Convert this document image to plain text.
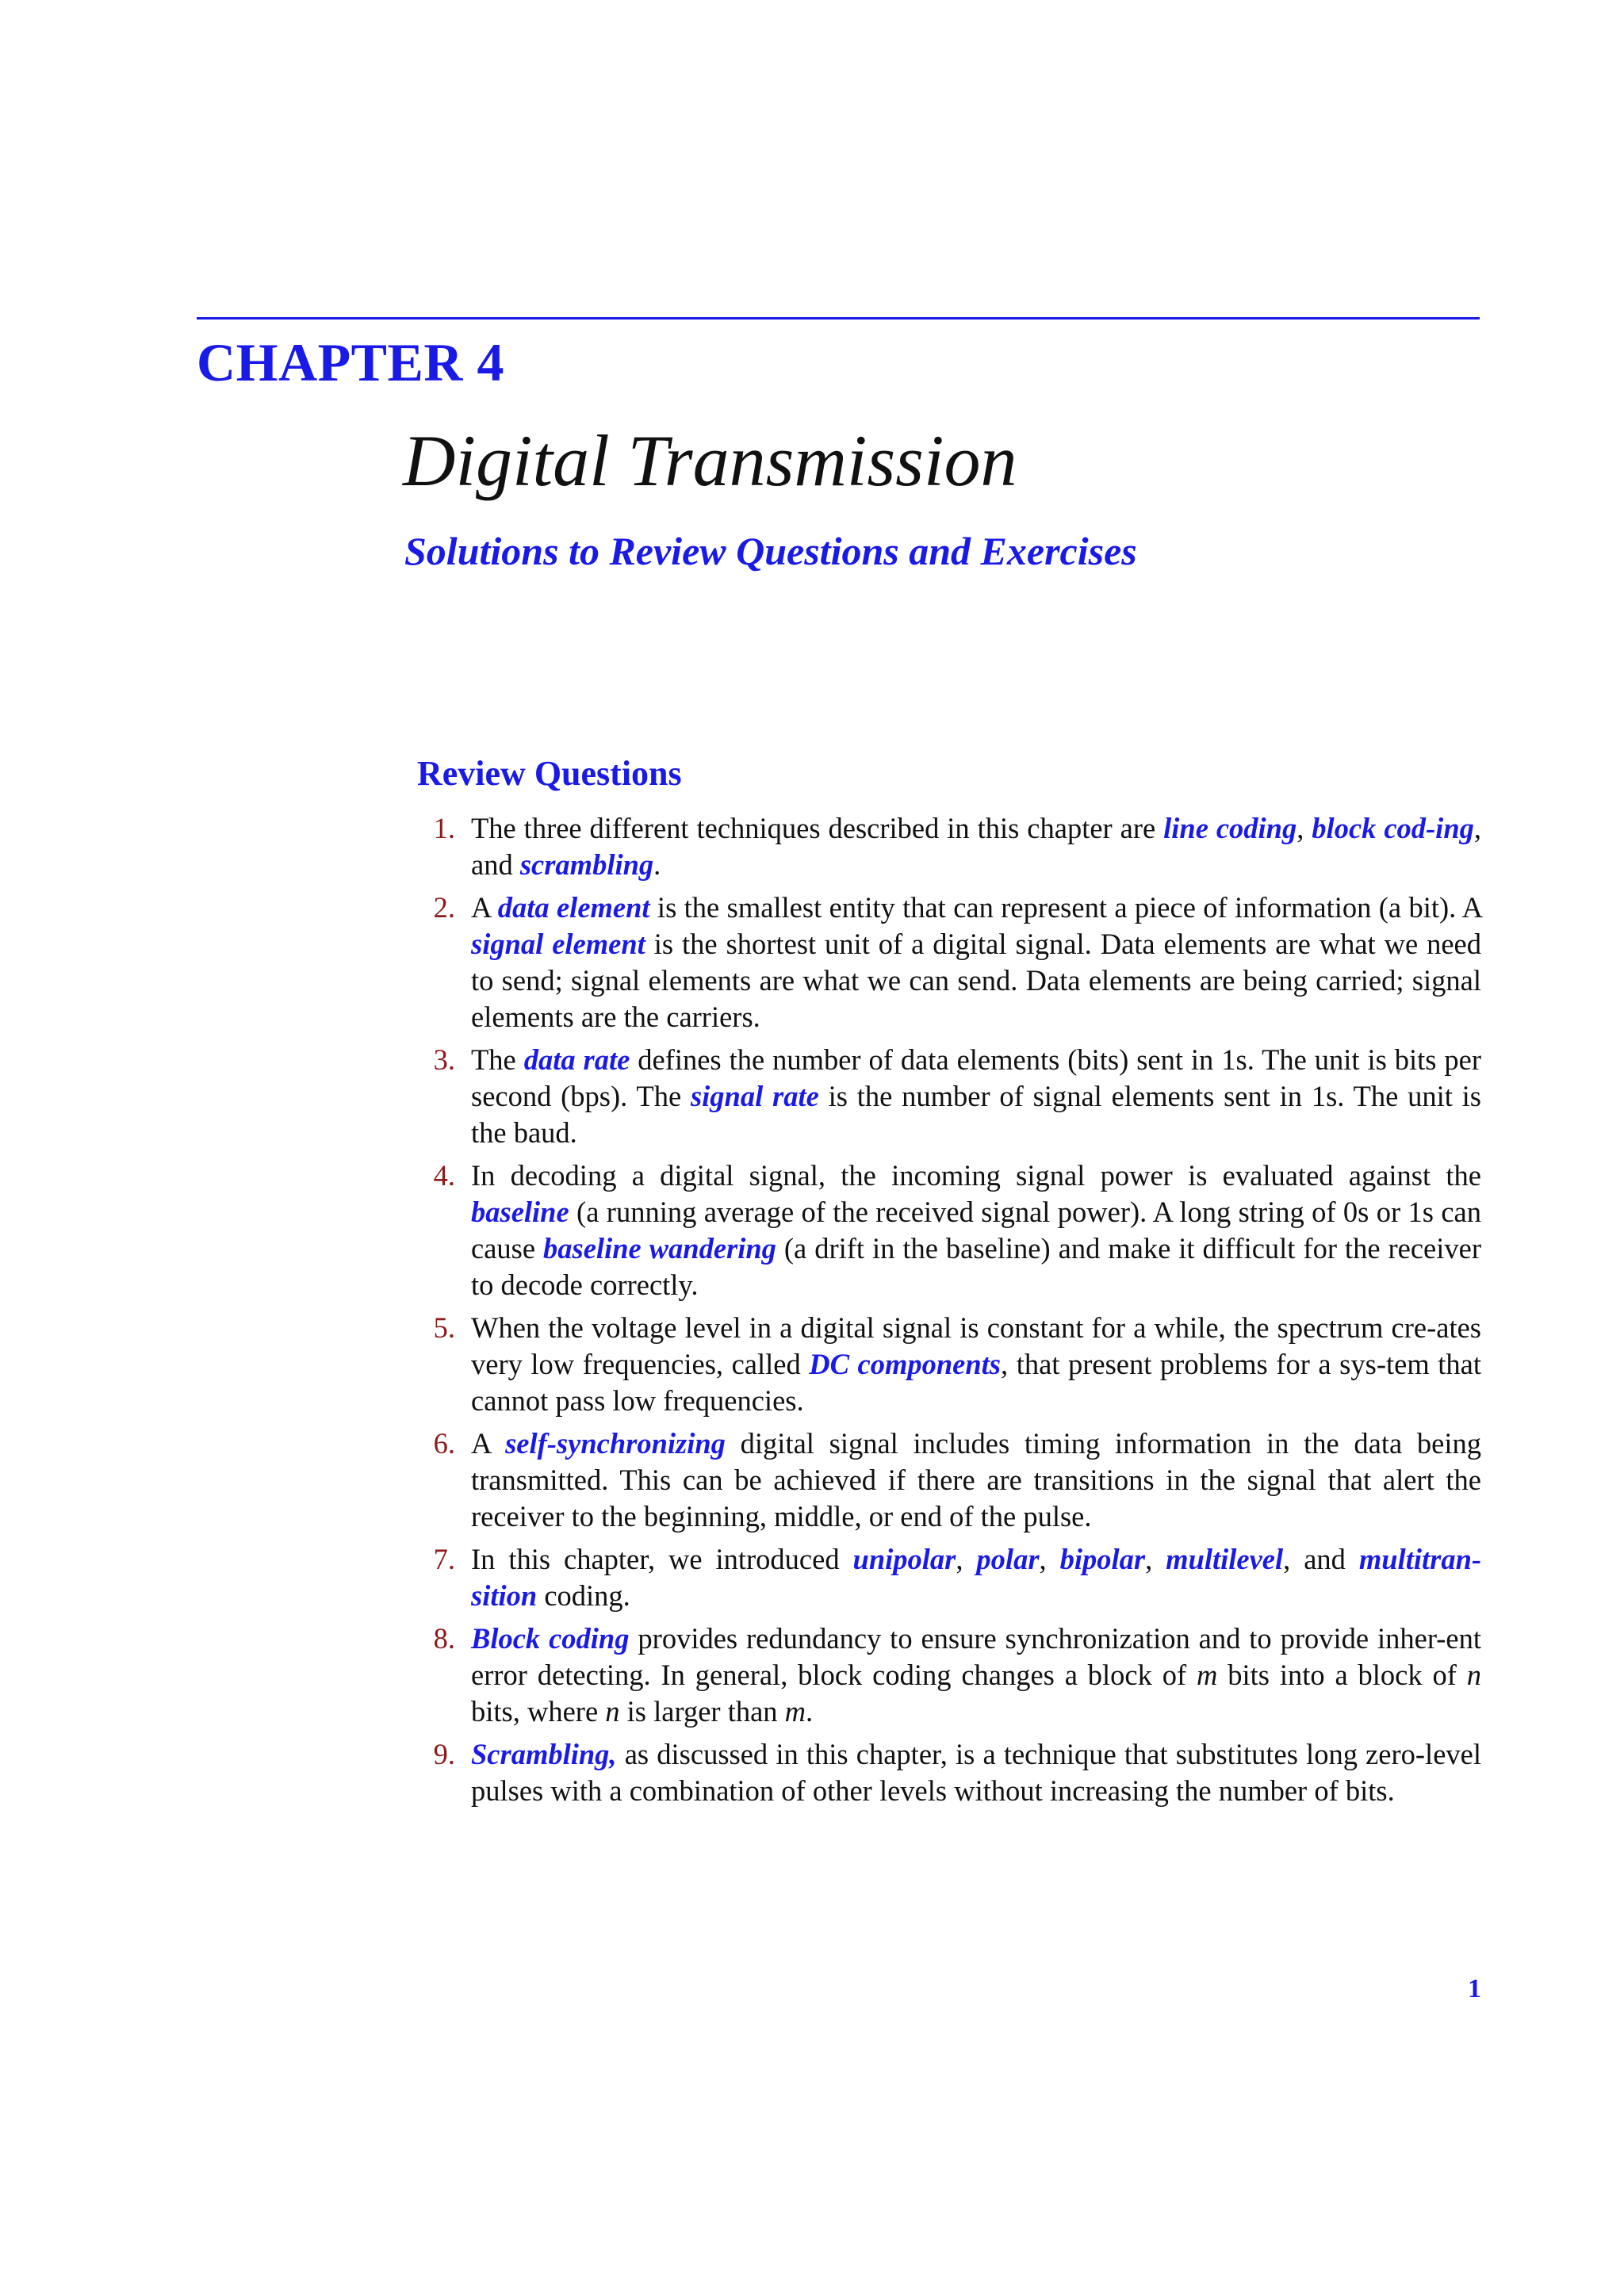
CHAPTER 4
Digital Transmission
Solutions to Review Questions and Exercises
Review Questions
1. The three different techniques described in this chapter are line coding, block cod-ing, and scrambling.
2. A data element is the smallest entity that can represent a piece of information (a bit). A signal element is the shortest unit of a digital signal. Data elements are what we need to send; signal elements are what we can send. Data elements are being carried; signal elements are the carriers.
3. The data rate defines the number of data elements (bits) sent in 1s. The unit is bits per second (bps). The signal rate is the number of signal elements sent in 1s. The unit is the baud.
4. In decoding a digital signal, the incoming signal power is evaluated against the baseline (a running average of the received signal power). A long string of 0s or 1s can cause baseline wandering (a drift in the baseline) and make it difficult for the receiver to decode correctly.
5. When the voltage level in a digital signal is constant for a while, the spectrum cre-ates very low frequencies, called DC components, that present problems for a sys-tem that cannot pass low frequencies.
6. A self-synchronizing digital signal includes timing information in the data being transmitted. This can be achieved if there are transitions in the signal that alert the receiver to the beginning, middle, or end of the pulse.
7. In this chapter, we introduced unipolar, polar, bipolar, multilevel, and multitran-sition coding.
8. Block coding provides redundancy to ensure synchronization and to provide inher-ent error detecting. In general, block coding changes a block of m bits into a block of n bits, where n is larger than m.
9. Scrambling, as discussed in this chapter, is a technique that substitutes long zero-level pulses with a combination of other levels without increasing the number of bits.
1
